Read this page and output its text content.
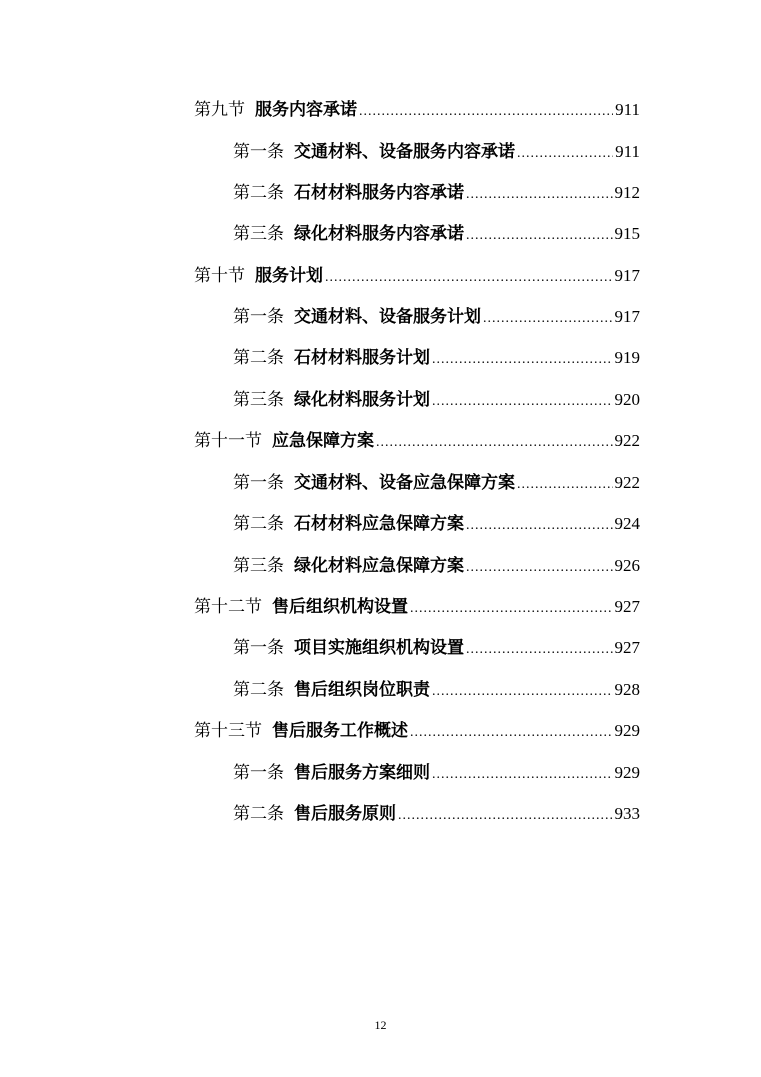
第九节 服务内容承诺 .....	911
第一条 交通材料、设备服务内容承诺 .....	911
第二条 石材材料服务内容承诺 .....	912
第三条 绿化材料服务内容承诺 .....	915
第十节 服务计划 .....	917
第一条 交通材料、设备服务计划 .....	917
第二条 石材材料服务计划 .....	919
第三条 绿化材料服务计划 .....	920
第十一节 应急保障方案 .....	922
第一条 交通材料、设备应急保障方案 .....	922
第二条 石材材料应急保障方案 .....	924
第三条 绿化材料应急保障方案 .....	926
第十二节 售后组织机构设置 .....	927
第一条 项目实施组织机构设置 .....	927
第二条 售后组织岗位职责 .....	928
第十三节 售后服务工作概述 .....	929
第一条 售后服务方案细则 .....	929
第二条 售后服务原则 .....	933
12
